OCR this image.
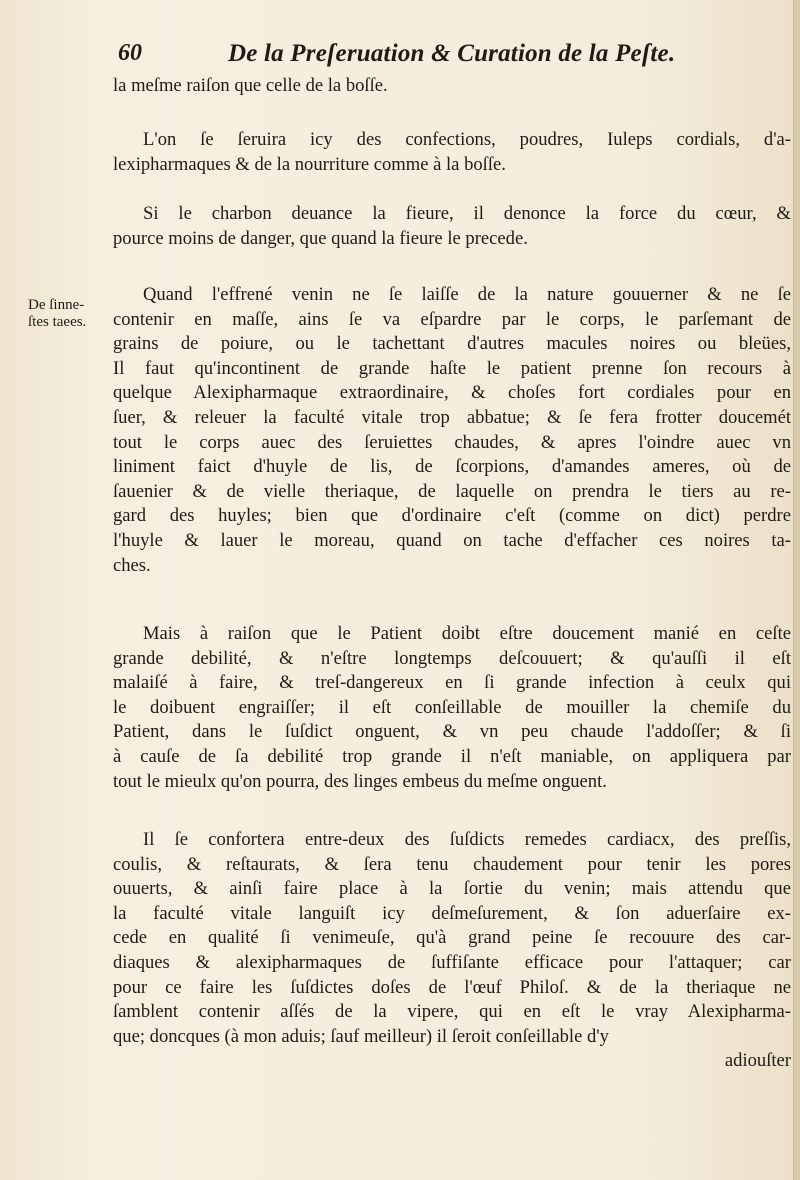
60	De la Preſeruation & Curation de la Peſte.
De ſinne-
ſtes taees.
la meſme raiſon que celle de la boſſe.
L'on ſe ſeruira icy des confections, poudres, Iuleps cordials, d'a-
lexipharmaques & de la nourriture comme à la boſſe.
Si le charbon deuance la fieure, il denonce la force du cœur, &
pource moins de danger, que quand la fieure le precede.
Quand l'effrené venin ne ſe laiſſe de la nature gouuerner & ne ſe
contenir en maſſe, ains ſe va eſpardre par le corps, le parſemant de
grains de poiure, ou le tachettant d'autres macules noires ou bleües,
Il faut qu'incontinent de grande haſte le patient prenne ſon recours à
quelque Alexipharmaque extraordinaire, & choſes fort cordiales pour en
ſuer, & releuer la faculté vitale trop abbatue; & ſe fera frotter doucemét
tout le corps auec des ſeruiettes chaudes, & apres l'oindre auec vn
liniment faict d'huyle de lis, de ſcorpions, d'amandes ameres, où de
ſauenier & de vielle theriaque, de laquelle on prendra le tiers au re-
gard des huyles; bien que d'ordinaire c'eſt (comme on dict) perdre
l'huyle & lauer le moreau, quand on tache d'effacher ces noires ta-
ches.
Mais à raiſon que le Patient doibt eſtre doucement manié en ceſte
grande debilité, & n'eſtre longtemps deſcouuert; & qu'auſſi il eſt
malaiſé à faire, & treſ-dangereux en ſi grande infection à ceulx qui
le doibuent engraiſſer; il eſt conſeillable de mouiller la chemiſe du
Patient, dans le ſuſdict onguent, & vn peu chaude l'addoſſer; & ſi
à cauſe de ſa debilité trop grande il n'eſt maniable, on appliquera par
tout le mieulx qu'on pourra, des linges embeus du meſme onguent.
Il ſe confortera entre-deux des ſuſdicts remedes cardiacx, des preſſis,
coulis, & reſtaurats, & ſera tenu chaudement pour tenir les pores
ouuerts, & ainſi faire place à la ſortie du venin; mais attendu que
la faculté vitale languiſt icy deſmeſurement, & ſon aduerſaire ex-
cede en qualité ſi venimeuſe, qu'à grand peine ſe recouure des car-
diaques & alexipharmaques de ſuffiſante efficace pour l'attaquer; car
pour ce faire les ſuſdictes doſes de l'œuf Philoſ. & de la theriaque ne
ſamblent contenir aſſés de la vipere, qui en eſt le vray Alexipharma-
que; doncques (à mon aduis; ſauf meilleur) il ſeroit conſeillable d'y
adiouſter
